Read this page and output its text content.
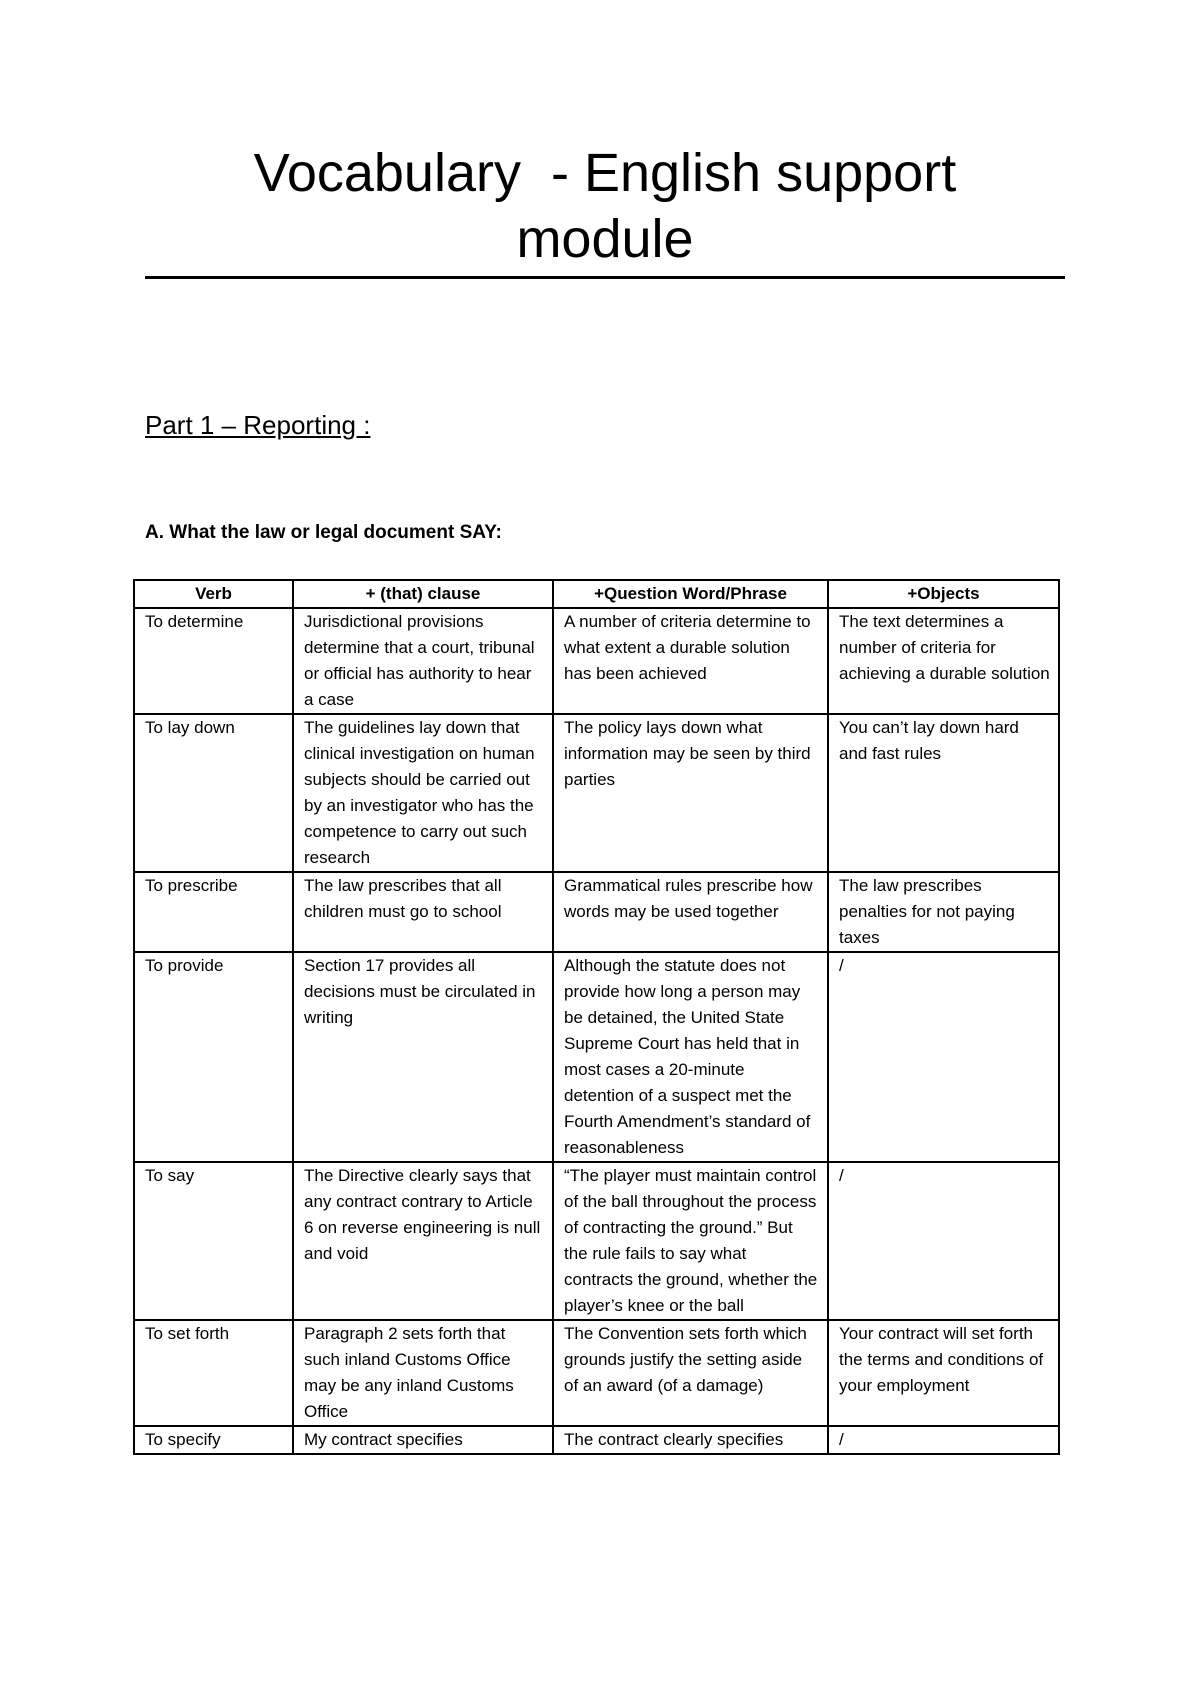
Vocabulary  - English support
module
Part 1 – Reporting :
A. What the law or legal document SAY:
Verb	+ (that) clause	+Question Word/Phrase	+Objects
To determine	Jurisdictional provisions determine that a court, tribunal or official has authority to hear a case	A number of criteria determine to what extent a durable solution has been achieved	The text determines a number of criteria for achieving a durable solution
To lay down	The guidelines lay down that clinical investigation on human subjects should be carried out by an investigator who has the competence to carry out such research	The policy lays down what information may be seen by third parties	You can’t lay down hard and fast rules
To prescribe	The law prescribes that all children must go to school	Grammatical rules prescribe how words may be used together	The law prescribes penalties for not paying taxes
To provide	Section 17 provides all decisions must be circulated in writing	Although the statute does not provide how long a person may be detained, the United State Supreme Court has held that in most cases a 20-minute detention of a suspect met the Fourth Amendment’s standard of reasonableness	/
To say	The Directive clearly says that any contract contrary to Article 6 on reverse engineering is null and void	“The player must maintain control of the ball throughout the process of contracting the ground.” But the rule fails to say what contracts the ground, whether the player’s knee or the ball	/
To set forth	Paragraph 2 sets forth that such inland Customs Office may be any inland Customs Office	The Convention sets forth which grounds justify the setting aside of an award (of a damage)	Your contract will set forth the terms and conditions of your employment
To specify	My contract specifies	The contract clearly specifies	/
